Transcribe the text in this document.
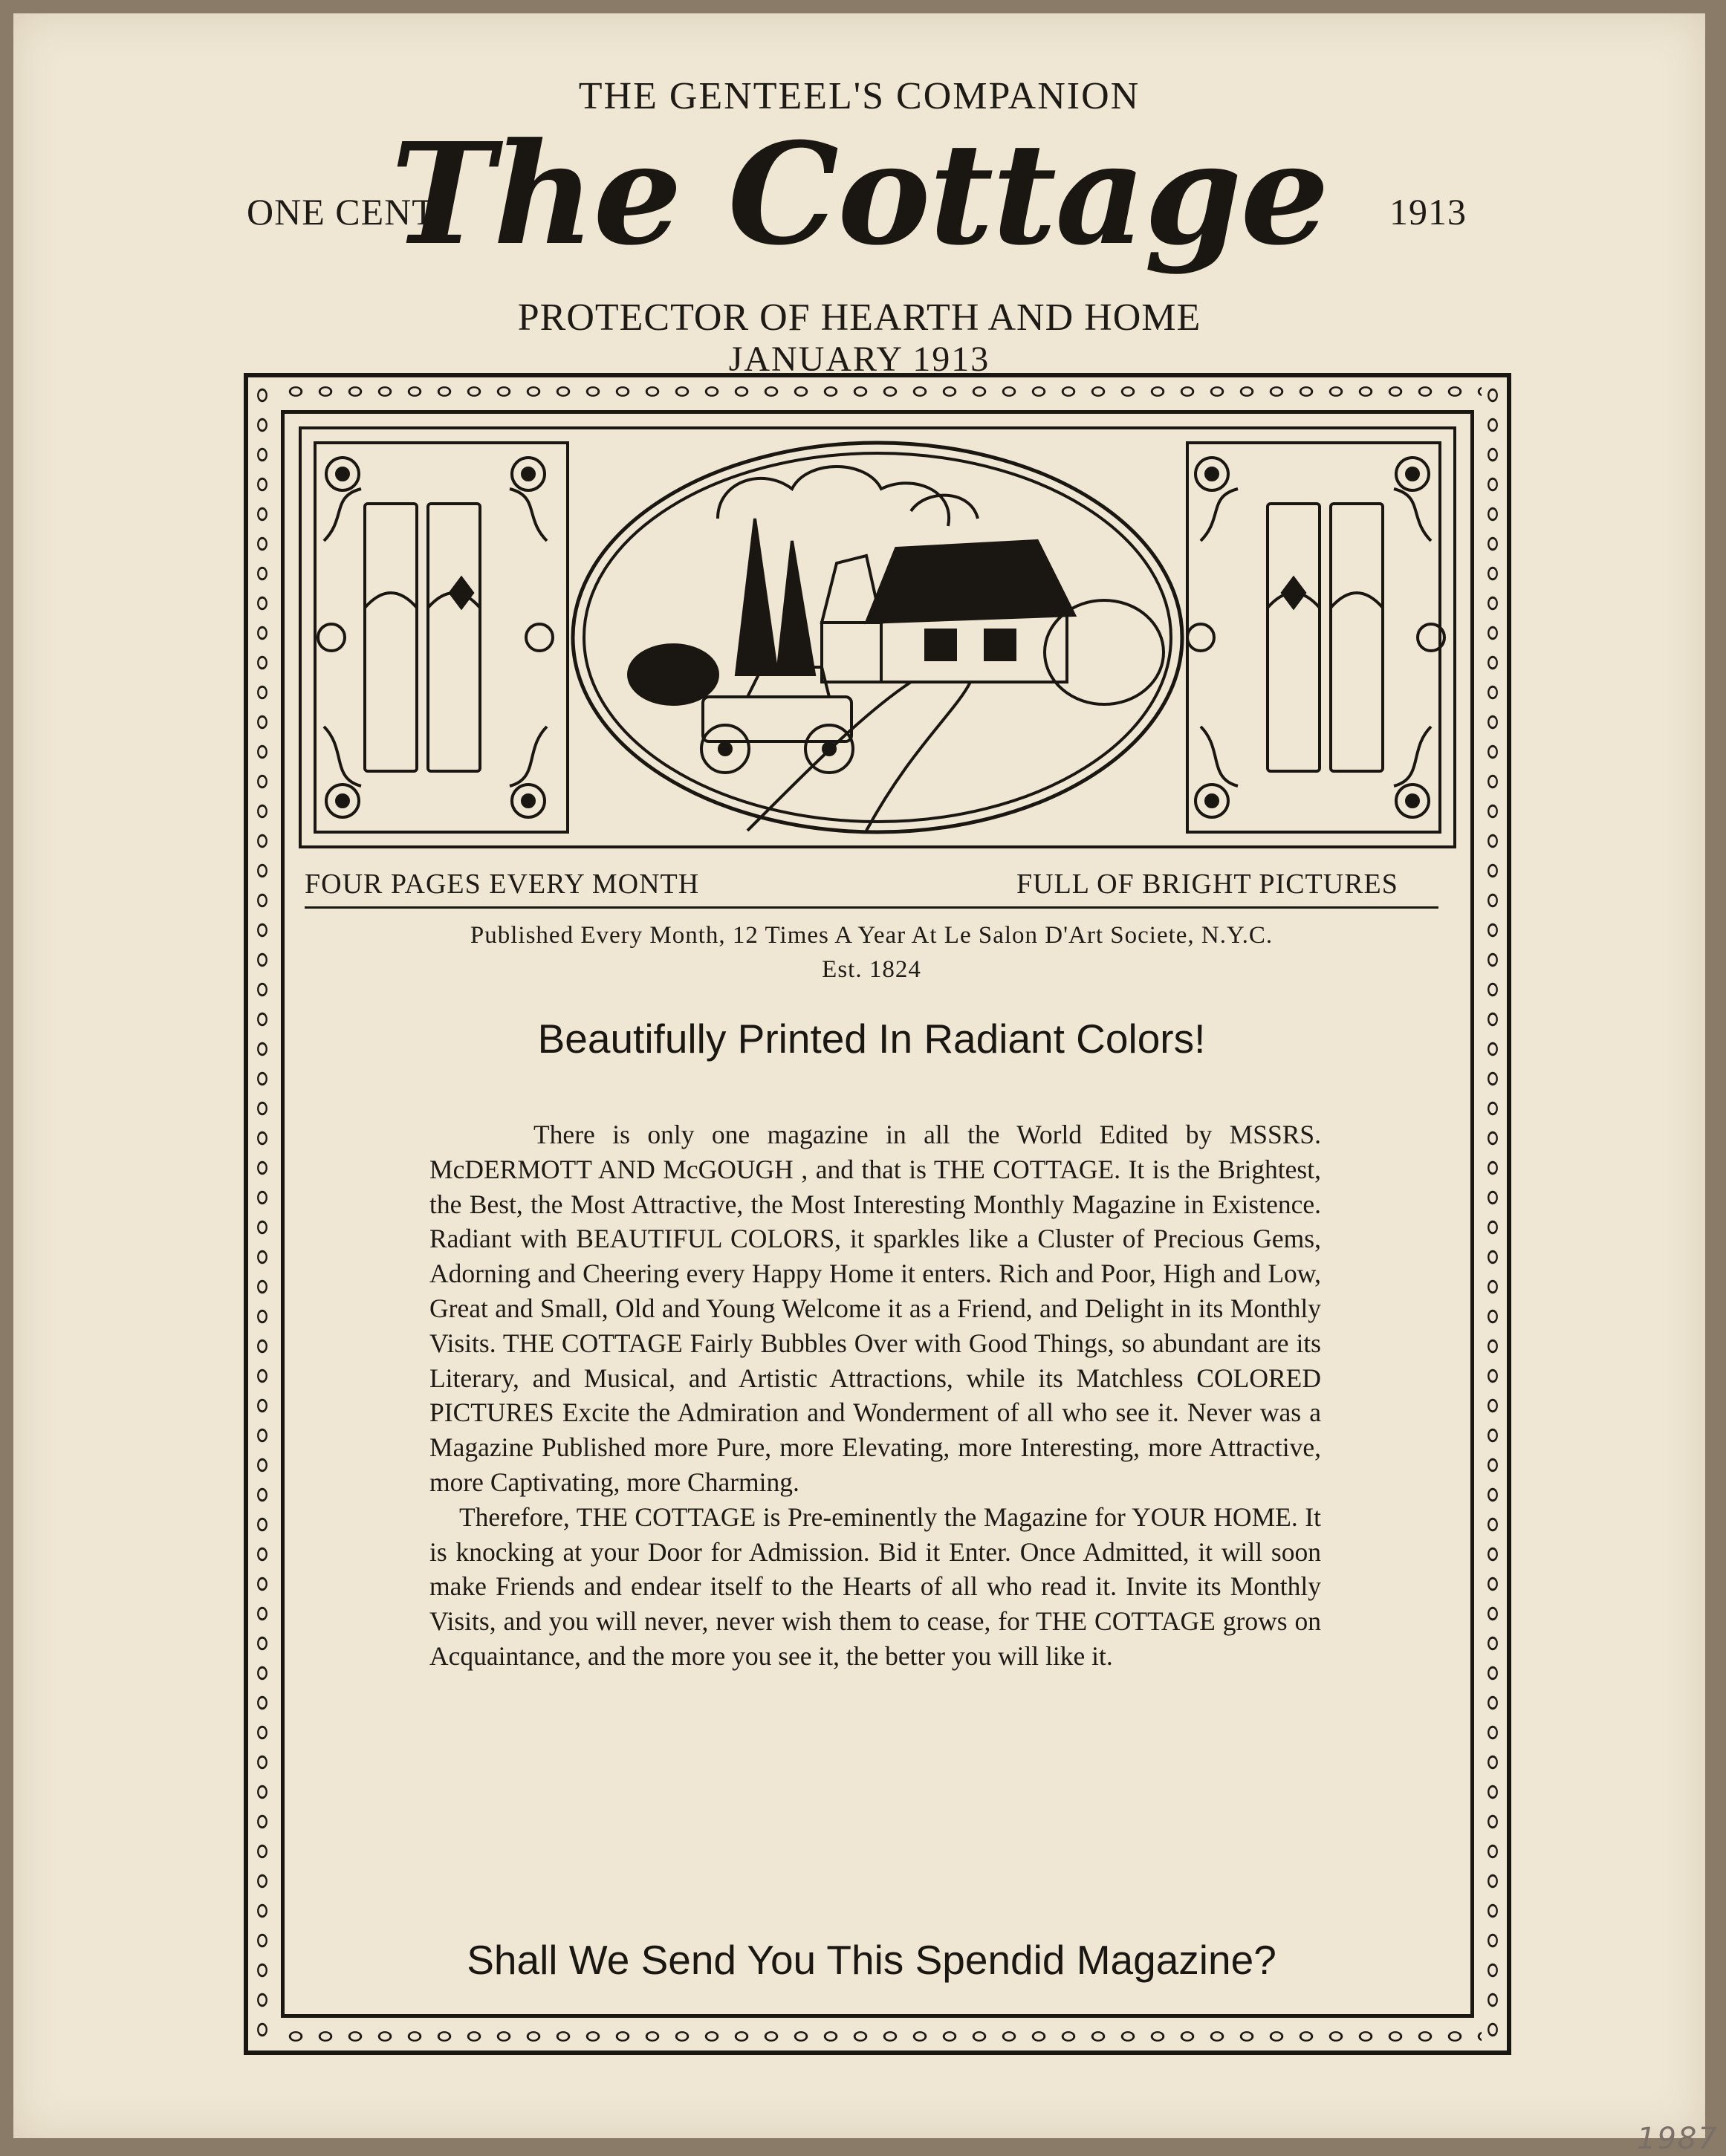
THE GENTEEL'S COMPANION
ONE CENT
The Cottage	1913
PROTECTOR OF HEARTH AND HOME
JANUARY 1913
FOUR PAGES EVERY MONTH	FULL OF BRIGHT PICTURES
Published Every Month, 12 Times A Year At Le Salon D'Art Societe, N.Y.C.
Est. 1824
Beautifully Printed In Radiant Colors!

There is only one magazine in all the World Edited by MSSRS. McDERMOTT AND McGOUGH , and that is THE COTTAGE. It is the Brightest, the Best, the Most Attractive, the Most Interesting Monthly Magazine in Existence. Radiant with BEAUTIFUL COLORS, it sparkles like a Cluster of Precious Gems, Adorning and Cheering every Happy Home it enters. Rich and Poor, High and Low, Great and Small, Old and Young Welcome it as a Friend, and Delight in its Monthly Visits. THE COTTAGE Fairly Bubbles Over with Good Things, so abundant are its Literary, and Musical, and Artistic Attractions, while its Matchless COLORED PICTURES Excite the Admiration and Wonderment of all who see it. Never was a Magazine Published more Pure, more Elevating, more Interesting, more Attractive, more Captivating, more Charming.

Therefore, THE COTTAGE is Pre-eminently the Magazine for YOUR HOME. It is knocking at your Door for Admission. Bid it Enter. Once Admitted, it will soon make Friends and endear itself to the Hearts of all who read it. Invite its Monthly Visits, and you will never, never wish them to cease, for THE COTTAGE grows on Acquaintance, and the more you see it, the better you will like it.

Shall We Send You This Spendid Magazine?
1987
